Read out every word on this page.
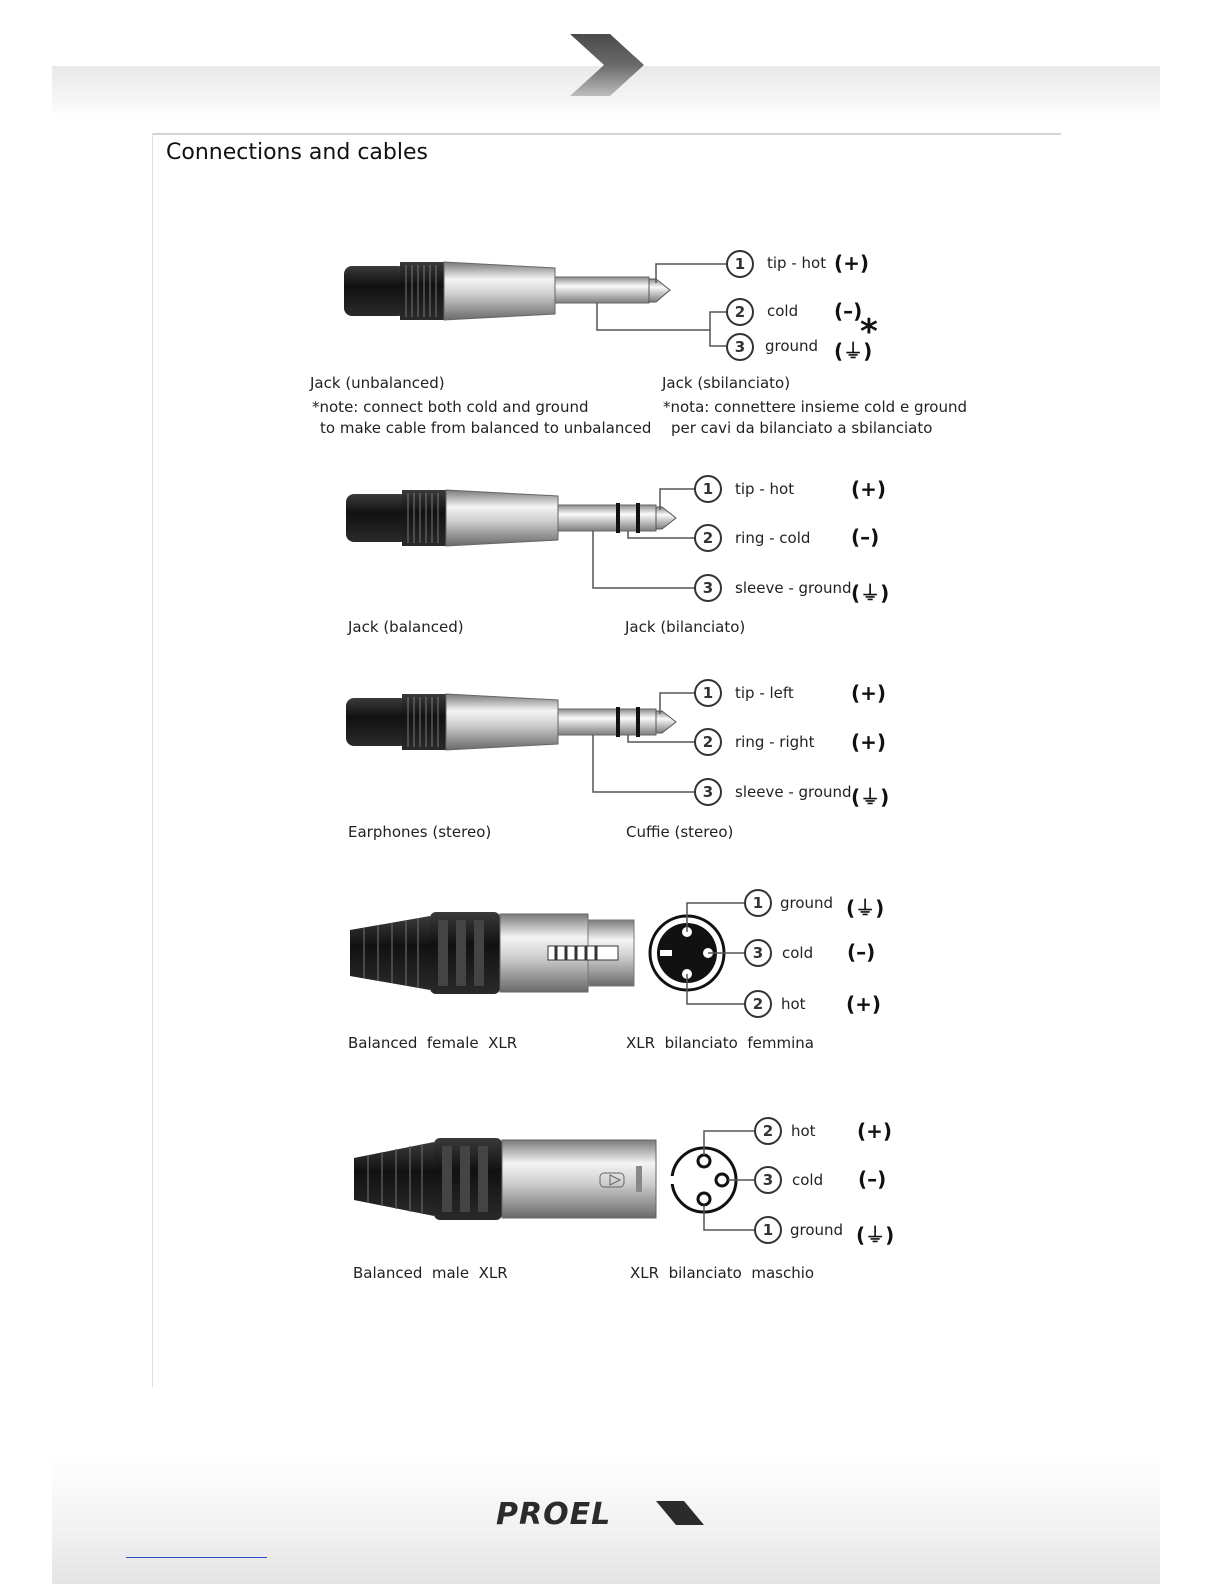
Connections and cables
1	tip - hot (+)
2	cold (–)
3	ground (⏚)
*
Jack (unbalanced)	Jack (sbilanciato)
*note: connect both cold and ground
to make cable from balanced to unbalanced
*nota: connettere insieme cold e ground
per cavi da bilanciato a sbilanciato
1	tip - hot	(+)
2	ring - cold (–)
3	sleeve - ground (⏚)
Jack (balanced)	Jack (bilanciato)
1	tip - left	(+)
2	ring - right (+)
3	sleeve - ground (⏚)
Earphones (stereo)	Cuffie (stereo)
1	ground (⏚)
3	cold (–)
2	hot (+)
Balanced  female  XLR	XLR  bilanciato  femmina
2	hot (+)
3	cold (–)
1	ground (⏚)
Balanced  male  XLR	XLR  bilanciato  maschio
PROEL
